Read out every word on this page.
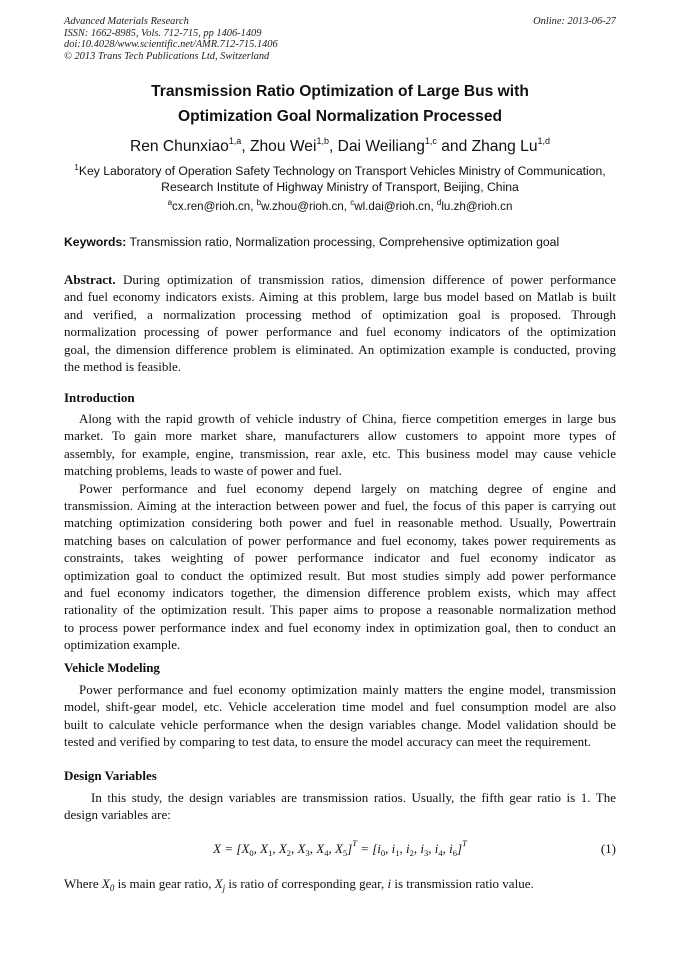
Advanced Materials Research
ISSN: 1662-8985, Vols. 712-715, pp 1406-1409
doi:10.4028/www.scientific.net/AMR.712-715.1406
© 2013 Trans Tech Publications Ltd, Switzerland
Online: 2013-06-27
Transmission Ratio Optimization of Large Bus with
Optimization Goal Normalization Processed
Ren Chunxiao$^{1,a}$, Zhou Wei$^{1,b}$, Dai Weiliang$^{1,c}$ and Zhang Lu$^{1,d}$
$^1$Key Laboratory of Operation Safety Technology on Transport Vehicles Ministry of Communication,
Research Institute of Highway Ministry of Transport, Beijing, China
$^a$cx.ren@rioh.cn, $^b$w.zhou@rioh.cn, $^c$wl.dai@rioh.cn, $^d$lu.zh@rioh.cn
Keywords: Transmission ratio, Normalization processing, Comprehensive optimization goal
Abstract. During optimization of transmission ratios, dimension difference of power performance
and fuel economy indicators exists. Aiming at this problem, large bus model based on Matlab is built
and verified, a normalization processing method of optimization goal is proposed. Through
normalization processing of power performance and fuel economy indicators of the optimization
goal, the dimension difference problem is eliminated. An optimization example is conducted, proving
the method is feasible.
Introduction
Along with the rapid growth of vehicle industry of China, fierce competition emerges in large bus
market. To gain more market share, manufacturers allow customers to appoint more types of
assembly, for example, engine, transmission, rear axle, etc. This business model may cause vehicle
matching problems, leads to waste of power and fuel.
Power performance and fuel economy depend largely on matching degree of engine and
transmission. Aiming at the interaction between power and fuel, the focus of this paper is carrying out
matching optimization considering both power and fuel in reasonable method. Usually, Powertrain
matching bases on calculation of power performance and fuel economy, takes power requirements as
constraints, takes weighting of power performance indicator and fuel economy indicator as
optimization goal to conduct the optimized result. But most studies simply add power performance
and fuel economy indicators together, the dimension difference problem exists, which may affect
rationality of the optimization result. This paper aims to propose a reasonable normalization method
to process power performance index and fuel economy index in optimization goal, then to conduct an
optimization example.
Vehicle Modeling
Power performance and fuel economy optimization mainly matters the engine model, transmission
model, shift-gear model, etc. Vehicle acceleration time model and fuel consumption model are also
built to calculate vehicle performance when the design variables change. Model validation should be
tested and verified by comparing to test data, to ensure the model accuracy can meet the requirement.
Design Variables
In this study, the design variables are transmission ratios. Usually, the fifth gear ratio is 1. The
design variables are:
$X = [X_0$, $X_1$, $X_2$, $X_3$, $X_4$, $X_5]^T = [i_0$, $i_1$, $i_2$, $i_3$, $i_4$, $i_6]^T$	(1)
Where $X_0$ is main gear ratio, $X_j$ is ratio of corresponding gear, i is transmission ratio value.
